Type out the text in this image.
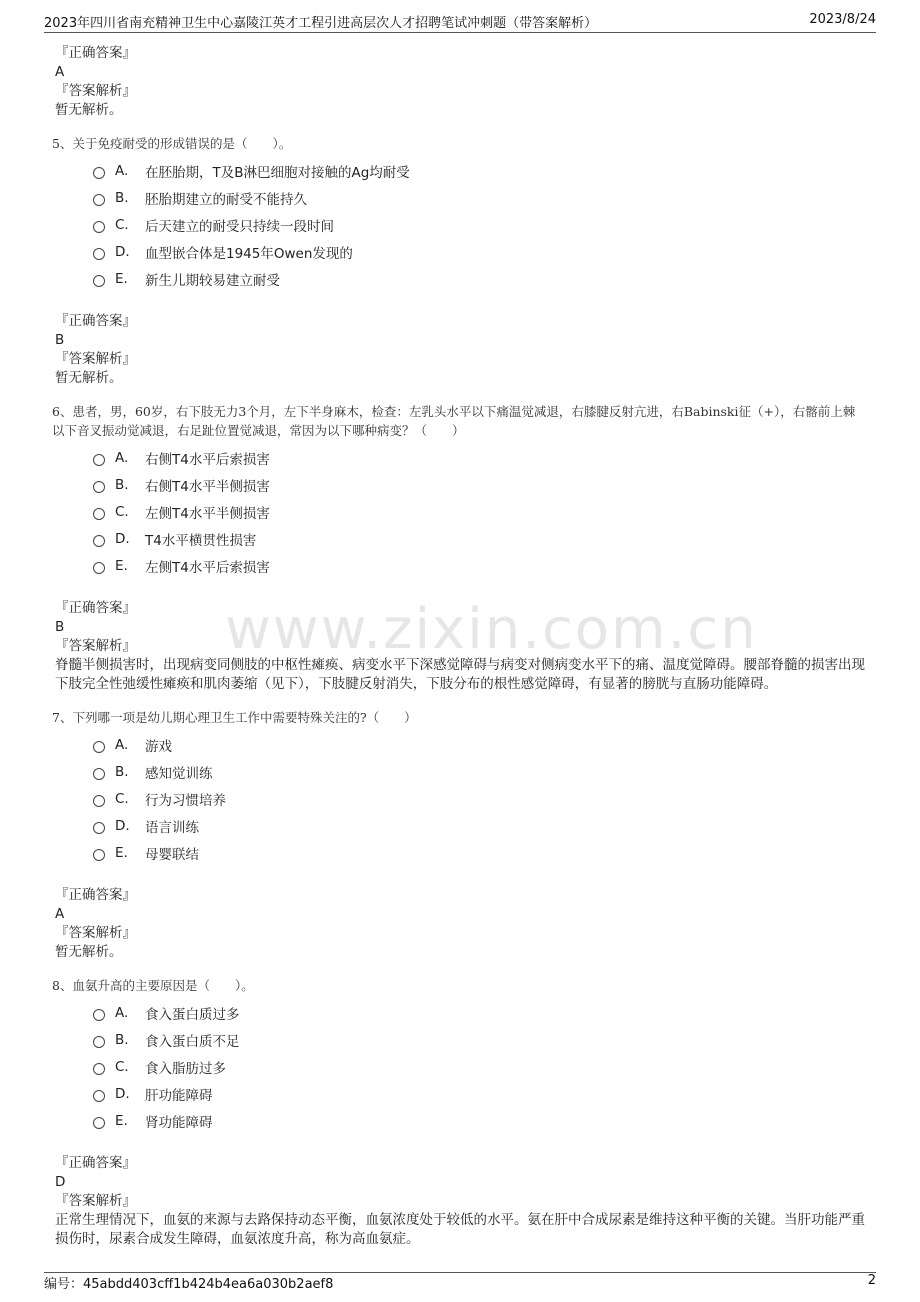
2023年四川省南充精神卫生中心嘉陵江英才工程引进高层次人才招聘笔试冲刺题（带答案解析）	2023/8/24
www.zixin.com.cn
『正确答案』
A
『答案解析』
暂无解析。
5、关于免疫耐受的形成错误的是（　　）。
A.	在胚胎期，T及B淋巴细胞对接触的Ag均耐受
B.	胚胎期建立的耐受不能持久
C.	后天建立的耐受只持续一段时间
D.	血型嵌合体是1945年Owen发现的
E.	新生儿期较易建立耐受
『正确答案』
B
『答案解析』
暂无解析。
6、患者，男，60岁，右下肢无力3个月，左下半身麻木，检查：左乳头水平以下痛温觉减退，右膝腱反射亢进，右Babinski征（+），右髂前上棘以下音叉振动觉减退，右足趾位置觉减退，常因为以下哪种病变？（　　）
A.	右侧T4水平后索损害
B.	右侧T4水平半侧损害
C.	左侧T4水平半侧损害
D.	T4水平横贯性损害
E.	左侧T4水平后索损害
『正确答案』
B
『答案解析』
脊髓半侧损害时，出现病变同侧肢的中枢性瘫痪、病变水平下深感觉障碍与病变对侧病变水平下的痛、温度觉障碍。腰部脊髓的损害出现下肢完全性弛缓性瘫痪和肌肉萎缩（见下），下肢腱反射消失，下肢分布的根性感觉障碍，有显著的膀胱与直肠功能障碍。
7、下列哪一项是幼儿期心理卫生工作中需要特殊关注的?（　　）
A.	游戏
B.	感知觉训练
C.	行为习惯培养
D.	语言训练
E.	母婴联结
『正确答案』
A
『答案解析』
暂无解析。
8、血氨升高的主要原因是（　　）。
A.	食入蛋白质过多
B.	食入蛋白质不足
C.	食入脂肪过多
D.	肝功能障碍
E.	肾功能障碍
『正确答案』
D
『答案解析』
正常生理情况下，血氨的来源与去路保持动态平衡，血氨浓度处于较低的水平。氨在肝中合成尿素是维持这种平衡的关键。当肝功能严重损伤时，尿素合成发生障碍，血氨浓度升高，称为高血氨症。
编号：45abdd403cff1b424b4ea6a030b2aef8	2
